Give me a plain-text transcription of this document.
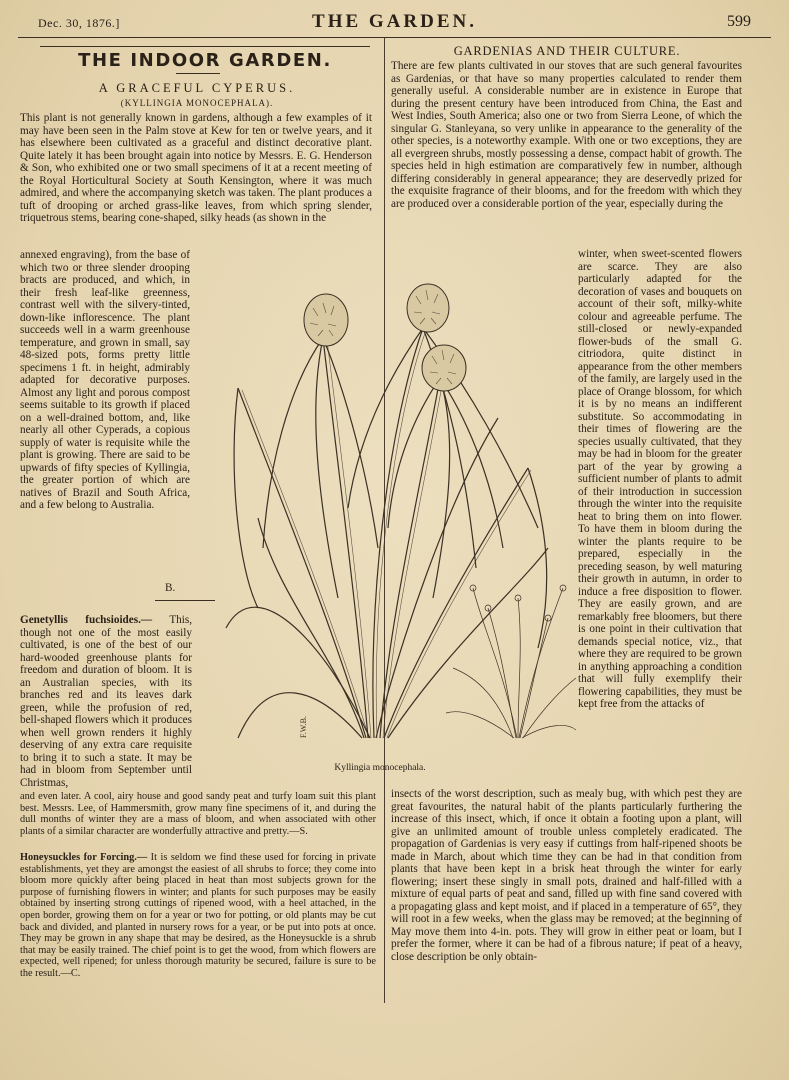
Dec. 30, 1876.]	THE GARDEN.	599
THE INDOOR GARDEN.
A GRACEFUL CYPERUS.
(KYLLINGIA MONOCEPHALA).
This plant is not generally known in gardens, although a few examples of it may have been seen in the Palm stove at Kew for ten or twelve years, and it has elsewhere been cultivated as a graceful and distinct decorative plant. Quite lately it has been brought again into notice by Messrs. E. G. Henderson & Son, who exhibited one or two small specimens of it at a recent meeting of the Royal Horticultural Society at South Kensington, where it was much admired, and where the accompanying sketch was taken. The plant produces a tuft of drooping or arched grass-like leaves, from which spring slender, triquetrous stems, bearing cone-shaped, silky heads (as shown in the
annexed engraving), from the base of which two or three slender drooping bracts are produced, and which, in their fresh leaf-like greenness, contrast well with the silvery-tinted, down-like inflorescence. The plant succeeds well in a warm greenhouse temperature, and grown in small, say 48-sized pots, forms pretty little specimens 1 ft. in height, admirably adapted for decorative purposes. Almost any light and porous compost seems suitable to its growth if placed on a well-drained bottom, and, like nearly all other Cyperads, a copious supply of water is requisite while the plant is growing. There are said to be upwards of fifty species of Kyllingia, the greater portion of which are natives of Brazil and South Africa, and a few belong to Australia.
B.
Genetyllis fuchsioides.— This, though not one of the most easily cultivated, is one of the best of our hard-wooded greenhouse plants for freedom and duration of bloom. It is an Australian species, with its branches red and its leaves dark green, while the profusion of red, bell-shaped flowers which it produces when well grown renders it highly deserving of any extra care requisite to bring it to such a state. It may be had in bloom from September until Christmas,
and even later. A cool, airy house and good sandy peat and turfy loam suit this plant best. Messrs. Lee, of Hammersmith, grow many fine specimens of it, and during the dull months of winter they are a mass of bloom, and when associated with other plants of a similar character are wonderfully attractive and pretty.—S.
Honeysuckles for Forcing.— It is seldom we find these used for forcing in private establishments, yet they are amongst the easiest of all shrubs to force; they come into bloom more quickly after being placed in heat than most subjects grown for the purpose of furnishing flowers in winter; and plants for such purposes may be easily obtained by inserting strong cuttings of ripened wood, with a heel attached, in the open border, growing them on for a year or two for potting, or old plants may be cut back and divided, and planted in nursery rows for a year, or be put into pots at once. They may be grown in any shape that may be desired, as the Honeysuckle is a shrub that may be easily trained. The chief point is to get the wood, from which flowers are expected, well ripened; for unless thorough maturity be secured, failure is sure to be the result.—C.
GARDENIAS AND THEIR CULTURE.
There are few plants cultivated in our stoves that are such general favourites as Gardenias, or that have so many properties calculated to render them generally useful. A considerable number are in existence in Europe that during the present century have been introduced from China, the East and West Indies, South America; also one or two from Sierra Leone, of which the singular G. Stanleyana, so very unlike in appearance to the generality of the other species, is a noteworthy example. With one or two exceptions, they are all evergreen shrubs, mostly possessing a dense, compact habit of growth. The species held in high estimation are comparatively few in number, although differing considerably in general appearance; they are deservedly prized for the exquisite fragrance of their blooms, and for the freedom with which they are produced over a considerable portion of the year, especially during the
winter, when sweet-scented flowers are scarce. They are also particularly adapted for the decoration of vases and bouquets on account of their soft, milky-white colour and agreeable perfume. The still-closed or newly-expanded flower-buds of the small G. citriodora, quite distinct in appearance from the other members of the family, are largely used in the place of Orange blossom, for which it is by no means an indifferent substitute. So accommodating in their times of flowering are the species usually cultivated, that they may be had in bloom for the greater part of the year by growing a sufficient number of plants to admit of their introduction in succession through the winter into the requisite heat to bring them on into flower. To have them in bloom during the winter the plants require to be prepared, especially in the preceding season, by well maturing their growth in autumn, in order to induce a free disposition to flower. They are easily grown, and are remarkably free bloomers, but there is one point in their cultivation that demands special notice, viz., that where they are required to be grown in anything approaching a condition that will fully exemplify their flowering capabilities, they must be kept free from the attacks of
insects of the worst description, such as mealy bug, with which pest they are great favourites, the natural habit of the plants particularly furthering the increase of this insect, which, if once it obtain a footing upon a plant, will give an unlimited amount of trouble unless completely eradicated. The propagation of Gardenias is very easy if cuttings from half-ripened shoots be made in March, about which time they can be had in that condition from plants that have been kept in a brisk heat through the winter for early flowering; insert these singly in small pots, drained and half-filled with a mixture of equal parts of peat and sand, filled up with fine sand covered with a propagating glass and kept moist, and if placed in a temperature of 65°, they will root in a few weeks, when the glass may be removed; at the beginning of May move them into 4-in. pots. They will grow in either peat or loam, but I prefer the former, where it can be had of a fibrous nature; if peat of a heavy, close description be only obtain-
F.W.B.
Kyllingia monocephala.
